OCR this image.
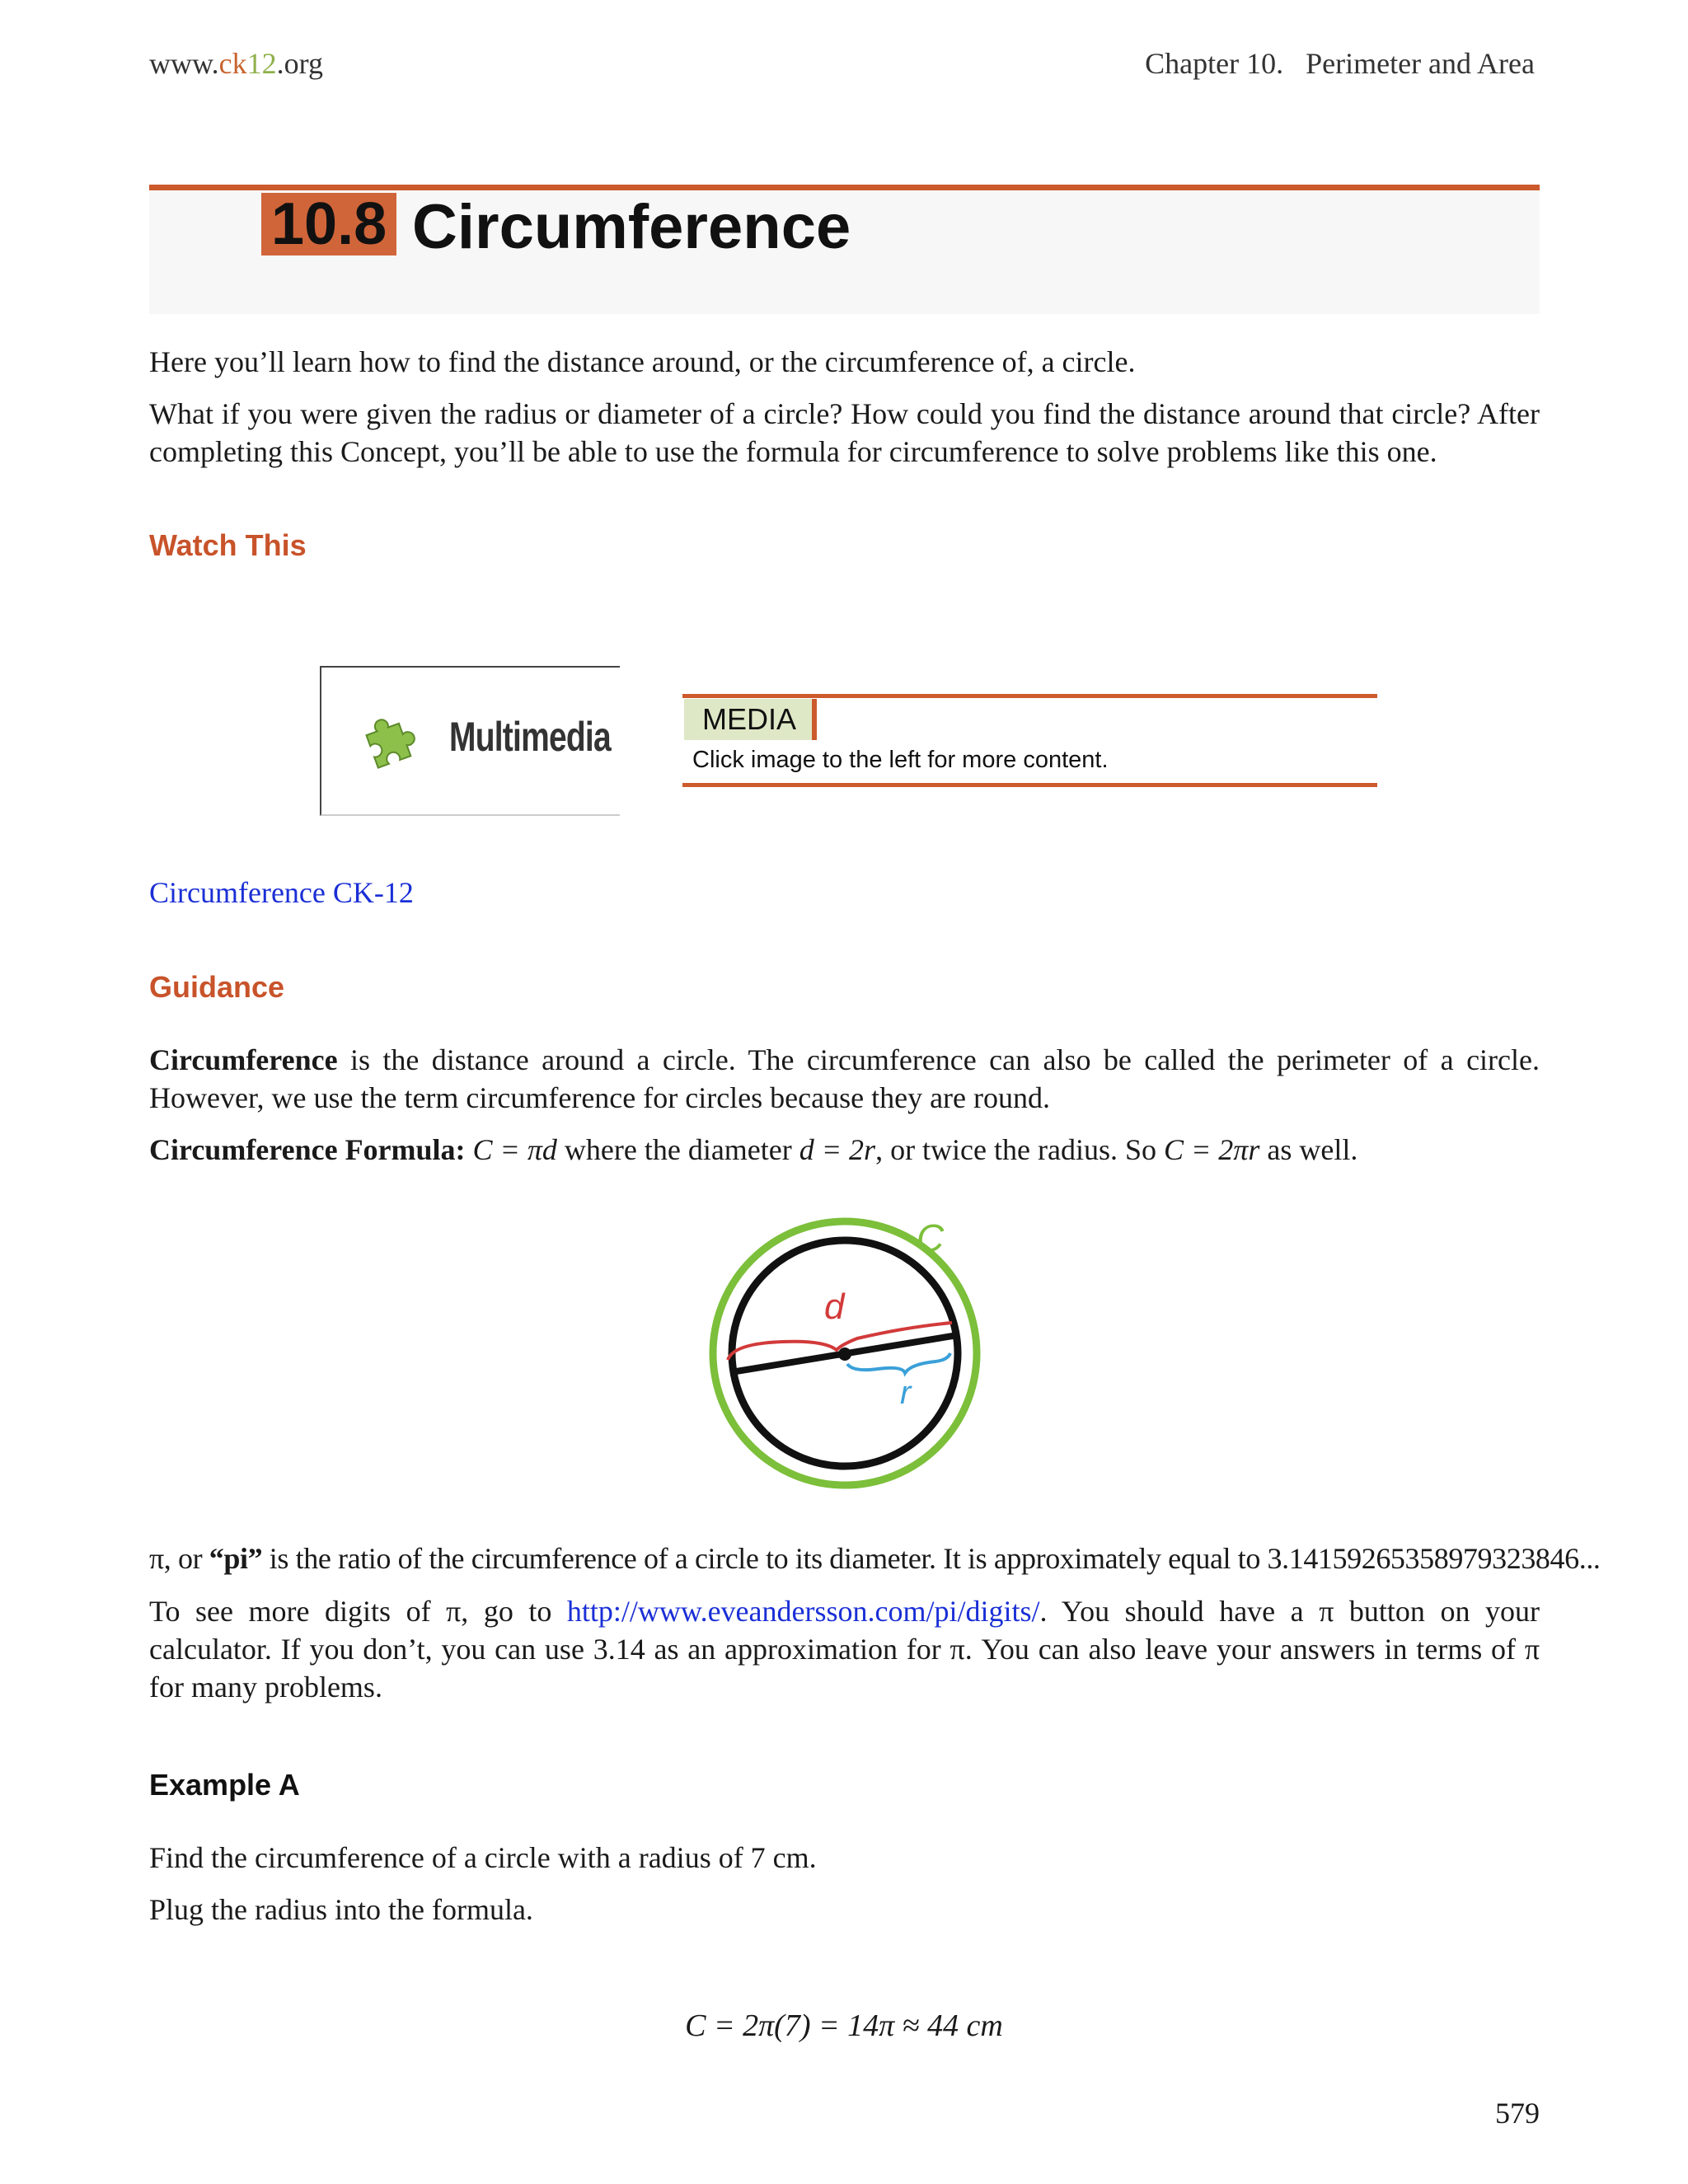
www.ck12.org	Chapter 10.   Perimeter and Area
10.8 Circumference
Here you’ll learn how to find the distance around, or the circumference of, a circle.
What if you were given the radius or diameter of a circle? How could you find the distance around that circle? After completing this Concept, you’ll be able to use the formula for circumference to solve problems like this one.
Watch This
Multimedia	MEDIA
Click image to the left for more content.
Circumference CK-12
Guidance
Circumference is the distance around a circle. The circumference can also be called the perimeter of a circle. However, we use the term circumference for circles because they are round.
Circumference Formula: C = πd where the diameter d = 2r, or twice the radius. So C = 2πr as well.
d
r
C
π, or “pi” is the ratio of the circumference of a circle to its diameter. It is approximately equal to 3.14159265358979323846...
To see more digits of π, go to http://www.eveandersson.com/pi/digits/. You should have a π button on your calculator. If you don’t, you can use 3.14 as an approximation for π. You can also leave your answers in terms of π for many problems.
Example A
Find the circumference of a circle with a radius of 7 cm.
Plug the radius into the formula.
C = 2π(7) = 14π ≈ 44 cm
579
